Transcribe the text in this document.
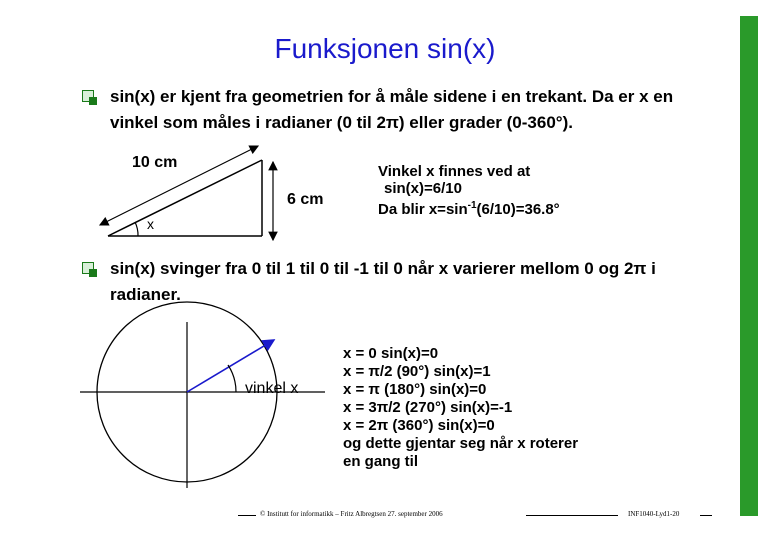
Funksjonen sin(x)
sin(x) er kjent fra geometrien for å måle sidene i en trekant. Da er x en vinkel som måles i radianer (0 til 2π) eller grader (0-360°).
10 cm
6 cm
x
Vinkel x finnes ved at
sin(x)=6/10
Da blir $x=\sin^{-1}(6/10)=36.8^\circ$
sin(x) svinger fra 0 til 1 til 0 til -1 til 0 når x varierer mellom 0 og 2π i radianer.
vinkel x
x = 0 sin(x)=0
x = π/2 (90°) sin(x)=1
x = π (180°) sin(x)=0
x = 3π/2 (270°) sin(x)=-1
x = 2π (360°) sin(x)=0
og dette gjentar seg når x roterer
en gang til
© Institutt for informatikk – Fritz Albregtsen 27. september 2006	INF1040-Lyd1-20
